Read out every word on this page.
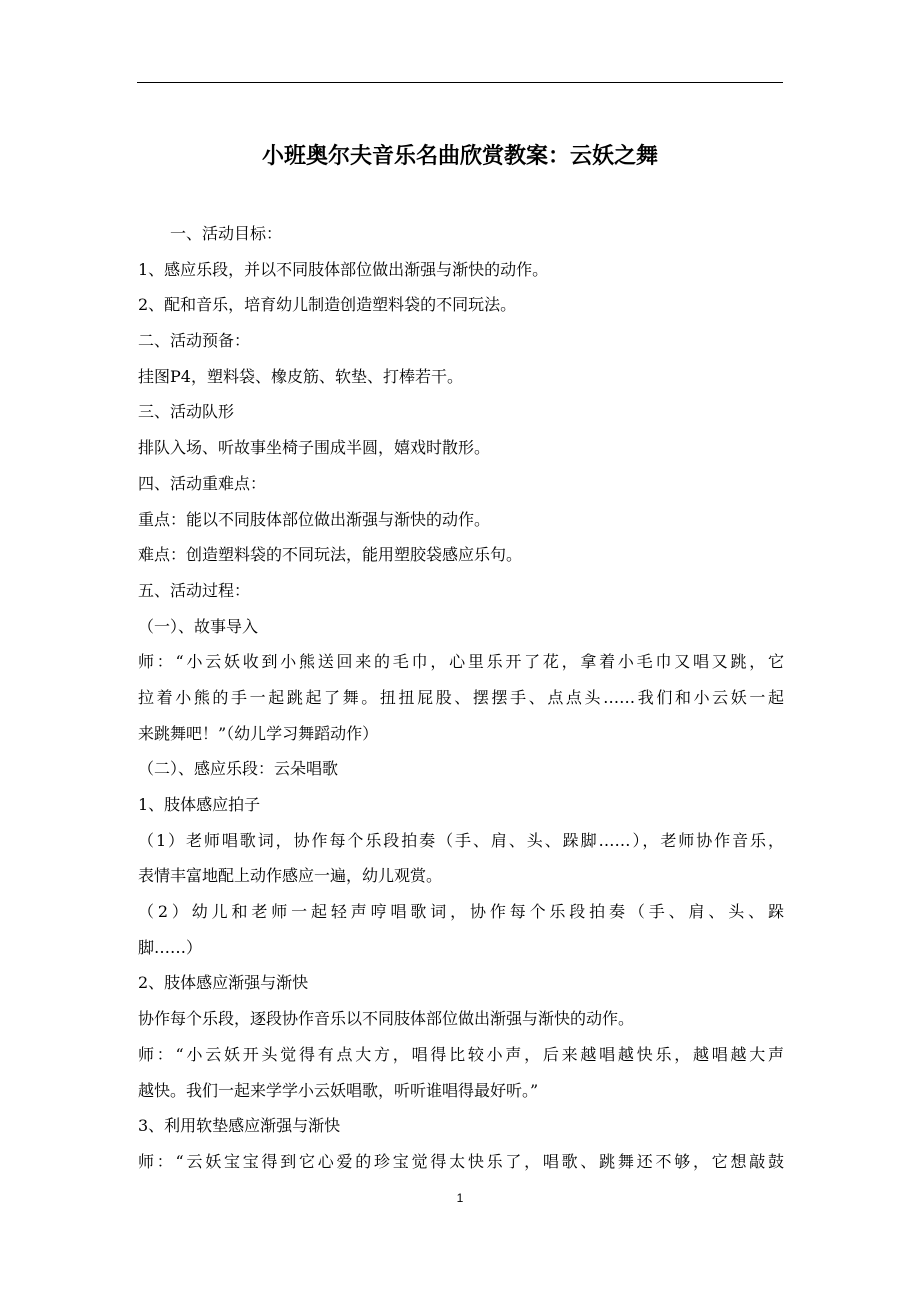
小班奥尔夫音乐名曲欣赏教案：云妖之舞
一、活动目标：
1、感应乐段，并以不同肢体部位做出渐强与渐快的动作。
2、配和音乐，培育幼儿制造创造塑料袋的不同玩法。
二、活动预备：
挂图P4，塑料袋、橡皮筋、软垫、打棒若干。
三、活动队形
排队入场、听故事坐椅子围成半圆，嬉戏时散形。
四、活动重难点：
重点：能以不同肢体部位做出渐强与渐快的动作。
难点：创造塑料袋的不同玩法，能用塑胶袋感应乐句。
五、活动过程：
（一）、故事导入
师：“小云妖收到小熊送回来的毛巾，心里乐开了花，拿着小毛巾又唱又跳，它
拉着小熊的手一起跳起了舞。扭扭屁股、摆摆手、点点头……我们和小云妖一起
来跳舞吧！”（幼儿学习舞蹈动作）
（二）、感应乐段：云朵唱歌
1、肢体感应拍子
（1）老师唱歌词，协作每个乐段拍奏（手、肩、头、跺脚……），老师协作音乐，
表情丰富地配上动作感应一遍，幼儿观赏。
（2）幼儿和老师一起轻声哼唱歌词，协作每个乐段拍奏（手、肩、头、跺
脚……）
2、肢体感应渐强与渐快
协作每个乐段，逐段协作音乐以不同肢体部位做出渐强与渐快的动作。
师：“小云妖开头觉得有点大方，唱得比较小声，后来越唱越快乐，越唱越大声
越快。我们一起来学学小云妖唱歌，听听谁唱得最好听。”
3、利用软垫感应渐强与渐快
师：“云妖宝宝得到它心爱的珍宝觉得太快乐了，唱歌、跳舞还不够，它想敲鼓
1
